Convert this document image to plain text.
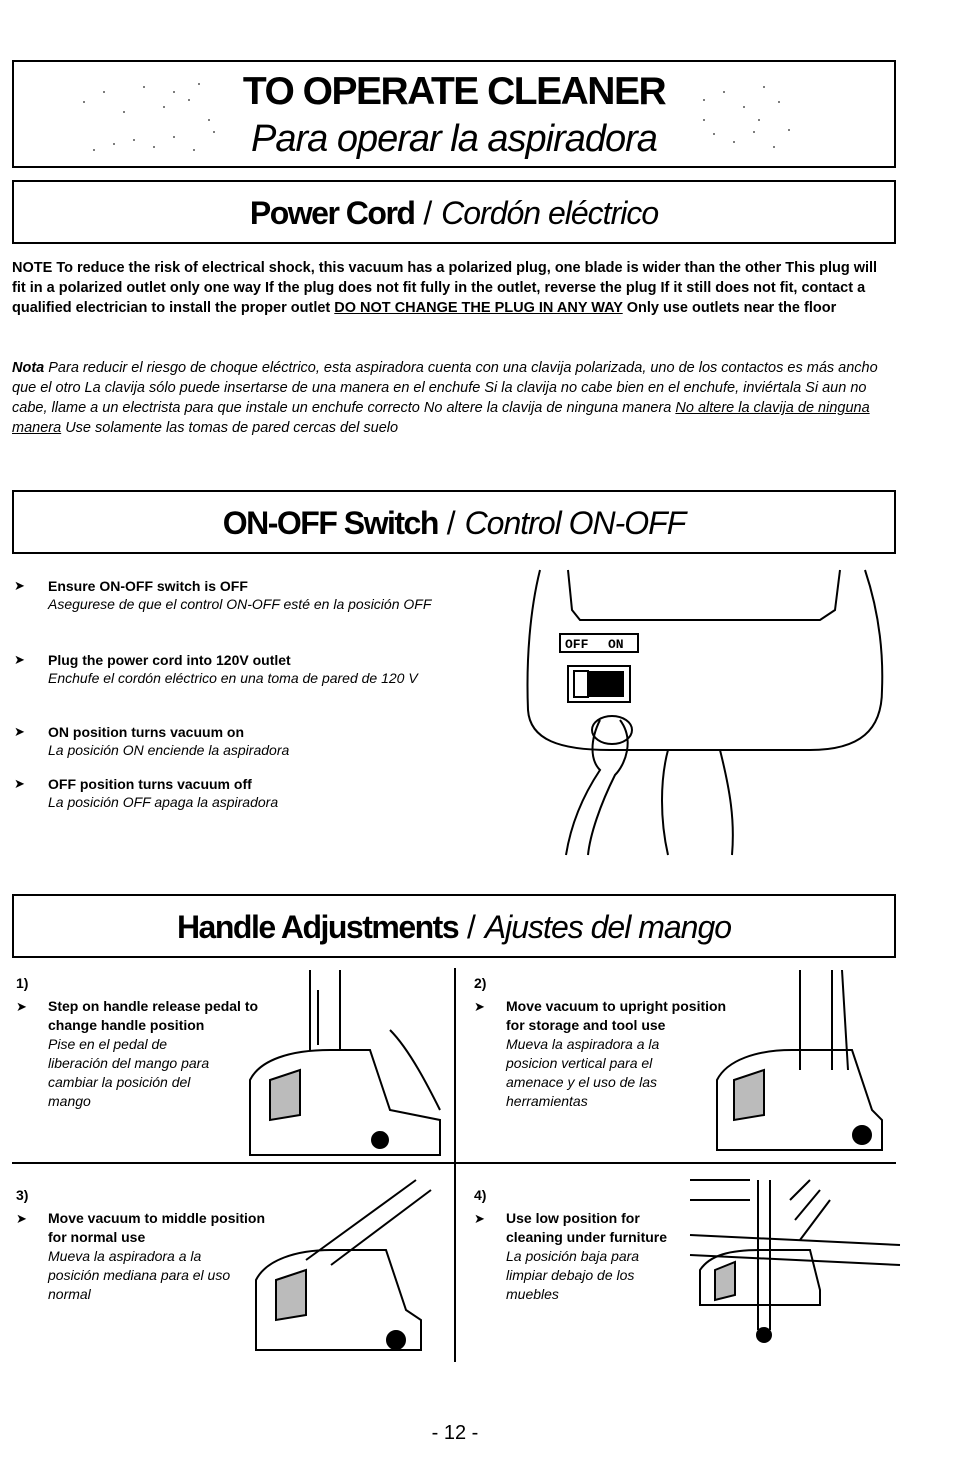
TO OPERATE CLEANER
Para operar la aspiradora
Power Cord / Cordón eléctrico
NOTE To reduce the risk of electrical shock, this vacuum has a polarized plug, one blade is wider than the other This plug will fit in a polarized outlet only one way If the plug does not fit fully in the outlet, reverse the plug If it still does not fit, contact a qualified electrician to install the proper outlet DO NOT CHANGE THE PLUG IN ANY WAY Only use outlets near the floor
Nota Para reducir el riesgo de choque eléctrico, esta aspiradora cuenta con una clavija polarizada, uno de los contactos es más ancho que el otro La clavija sólo puede insertarse de una manera en el enchufe Si la clavija no cabe bien en el enchufe, inviértala Si aun no cabe, llame a un electrista para que instale un enchufe correcto No altere la clavija de ninguna manera No altere la clavija de ninguna manera Use solamente las tomas de pared cercas del suelo
ON-OFF Switch / Control ON-OFF
➤ Ensure ON-OFF switch is OFF
Asegurese de que el control ON-OFF esté en la posición OFF
➤ Plug the power cord into 120V outlet
Enchufe el cordón eléctrico en una toma de pared de 120 V
➤ ON position turns vacuum on
La posición ON enciende la aspiradora
➤ OFF position turns vacuum off
La posición OFF apaga la aspiradora
OFF ON
Handle Adjustments / Ajustes del mango
1)
➤ Step on handle release pedal to change handle position
Pise en el pedal de liberación del mango para cambiar la posición del mango
2)
➤ Move vacuum to upright position for storage and tool use
Mueva la aspiradora a la posicion vertical para el amenace y el uso de las herramientas
3)
➤ Move vacuum to middle position for normal use
Mueva la aspiradora a la posición mediana para el uso normal
4)
➤ Use low position for cleaning under furniture
La posición baja para limpiar debajo de los muebles
- 12 -
